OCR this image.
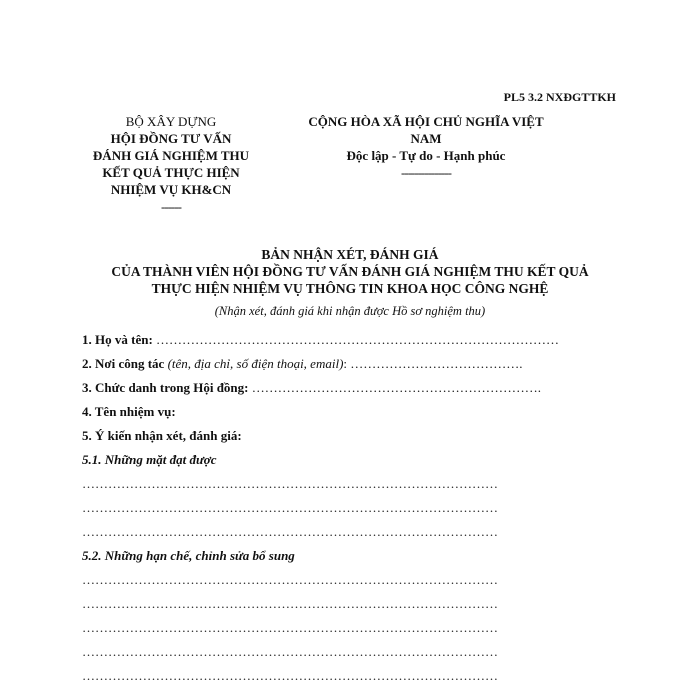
PL5 3.2 NXĐGTTKH
BỘ XÂY DỰNG
HỘI ĐỒNG TƯ VẤN
ĐÁNH GIÁ NGHIỆM THU
KẾT QUẢ THỰC HIỆN
NHIỆM VỤ KH&CN
------
CỘNG HÒA XÃ HỘI CHỦ NGHĨA VIỆT
NAM
Độc lập - Tự do - Hạnh phúc
---------------
BẢN NHẬN XÉT, ĐÁNH GIÁ
CỦA THÀNH VIÊN HỘI ĐỒNG TƯ VẤN ĐÁNH GIÁ NGHIỆM THU KẾT QUẢ
THỰC HIỆN NHIỆM VỤ THÔNG TIN KHOA HỌC CÔNG NGHỆ
(Nhận xét, đánh giá khi nhận được Hồ sơ nghiệm thu)
1. Họ và tên: …………………………………………………………………………………
2. Nơi công tác (tên, địa chỉ, số điện thoại, email): ………………………………….
3. Chức danh trong Hội đồng: ………………………………………………………….
4. Tên nhiệm vụ:
5. Ý kiến nhận xét, đánh giá:
5.1. Những mặt đạt được
……………………………………………………………………………………
……………………………………………………………………………………
……………………………………………………………………………………
5.2. Những hạn chế, chỉnh sửa bổ sung
……………………………………………………………………………………
……………………………………………………………………………………
……………………………………………………………………………………
……………………………………………………………………………………
……………………………………………………………………………………
